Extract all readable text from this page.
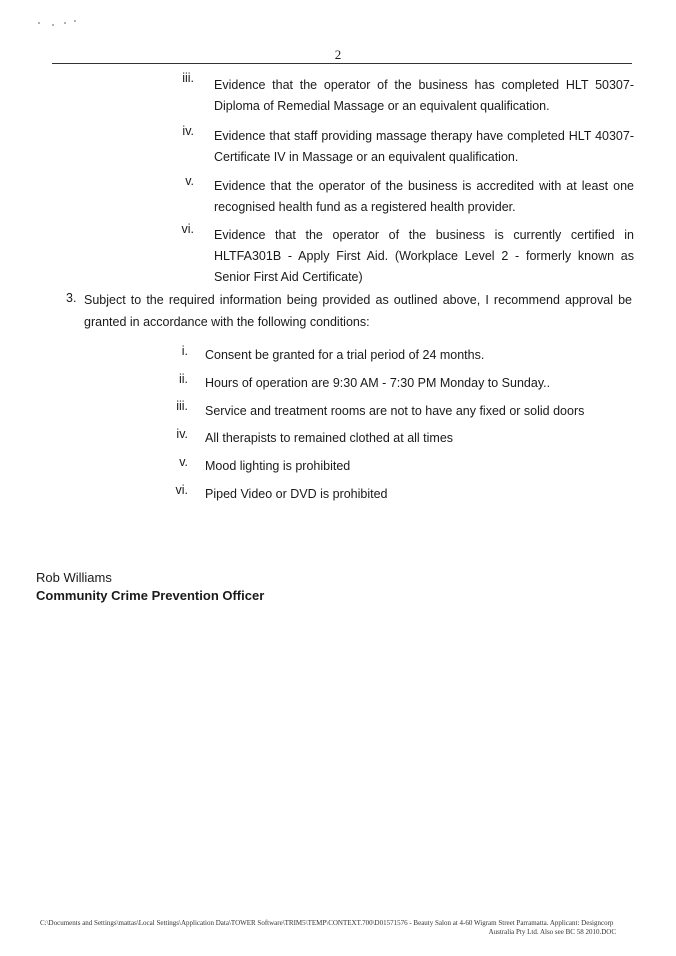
2
iii. Evidence that the operator of the business has completed HLT 50307-Diploma of Remedial Massage or an equivalent qualification.
iv. Evidence that staff providing massage therapy have completed HLT 40307-Certificate IV in Massage or an equivalent qualification.
v. Evidence that the operator of the business is accredited with at least one recognised health fund as a registered health provider.
vi. Evidence that the operator of the business is currently certified in HLTFA301B - Apply First Aid. (Workplace Level 2 - formerly known as Senior First Aid Certificate)
3. Subject to the required information being provided as outlined above, I recommend approval be granted in accordance with the following conditions:
i. Consent be granted for a trial period of 24 months.
ii. Hours of operation are 9:30 AM - 7:30 PM Monday to Sunday..
iii. Service and treatment rooms are not to have any fixed or solid doors
iv. All therapists to remained clothed at all times
v. Mood lighting is prohibited
vi. Piped Video or DVD is prohibited
Rob Williams
Community Crime Prevention Officer
C:\Documents and Settings\mattas\Local Settings\Application Data\TOWER Software\TRIM5\TEMP\CONTEXT.700\D01571576 - Beauty Salon at 4-60 Wigram Street Parramatta. Applicant: Designcorp
Australia Pty Ltd. Also see BC 58 2010.DOC
